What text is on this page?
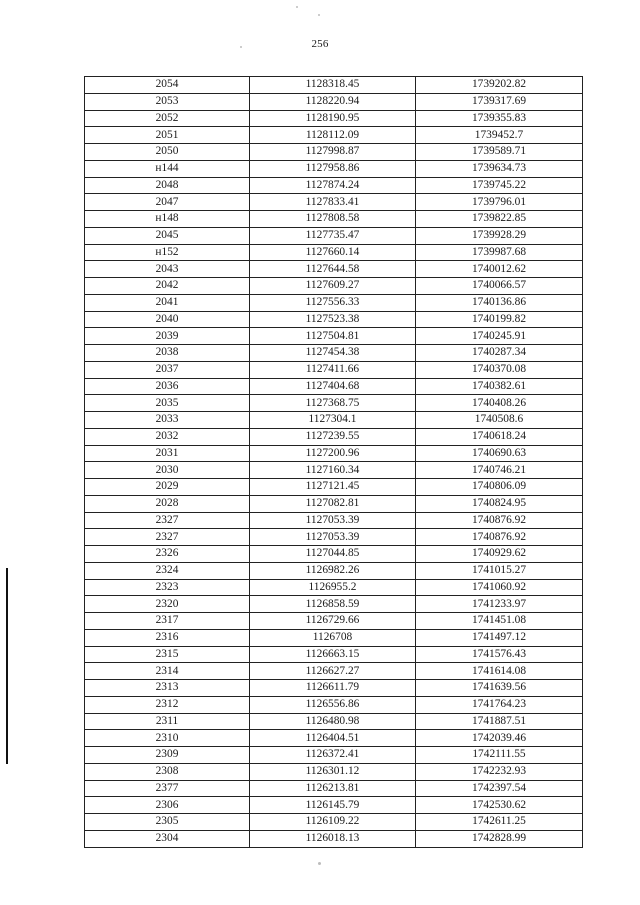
256
2054	1128318.45	1739202.82
2053	1128220.94	1739317.69
2052	1128190.95	1739355.83
2051	1128112.09	1739452.7
2050	1127998.87	1739589.71
н144	1127958.86	1739634.73
2048	1127874.24	1739745.22
2047	1127833.41	1739796.01
н148	1127808.58	1739822.85
2045	1127735.47	1739928.29
н152	1127660.14	1739987.68
2043	1127644.58	1740012.62
2042	1127609.27	1740066.57
2041	1127556.33	1740136.86
2040	1127523.38	1740199.82
2039	1127504.81	1740245.91
2038	1127454.38	1740287.34
2037	1127411.66	1740370.08
2036	1127404.68	1740382.61
2035	1127368.75	1740408.26
2033	1127304.1	1740508.6
2032	1127239.55	1740618.24
2031	1127200.96	1740690.63
2030	1127160.34	1740746.21
2029	1127121.45	1740806.09
2028	1127082.81	1740824.95
2327	1127053.39	1740876.92
2327	1127053.39	1740876.92
2326	1127044.85	1740929.62
2324	1126982.26	1741015.27
2323	1126955.2	1741060.92
2320	1126858.59	1741233.97
2317	1126729.66	1741451.08
2316	1126708	1741497.12
2315	1126663.15	1741576.43
2314	1126627.27	1741614.08
2313	1126611.79	1741639.56
2312	1126556.86	1741764.23
2311	1126480.98	1741887.51
2310	1126404.51	1742039.46
2309	1126372.41	1742111.55
2308	1126301.12	1742232.93
2377	1126213.81	1742397.54
2306	1126145.79	1742530.62
2305	1126109.22	1742611.25
2304	1126018.13	1742828.99
